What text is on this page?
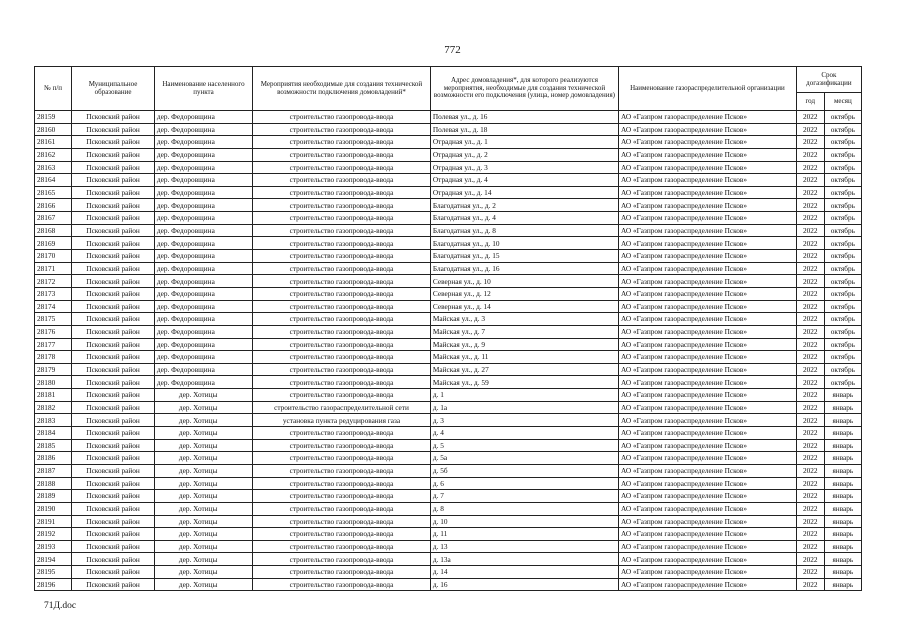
772
№ п/п	Муниципальное образование	Наименование населенного пункта	Мероприятия необходимые для создания технической возможности подключения домовладений*	Адрес домовладения*, для которого реализуются мероприятия, необходимые для создания технической возможности его подключения (улица, номер домовладения)	Наименование газораспределительной организации	Срок догазификации	
						год	месяц
28159	Псковский район	дер. Федоровщина	строительство газопровода-ввода	Полевая ул., д. 16	АО «Газпром газораспределение Псков»	2022	октябрь
28160	Псковский район	дер. Федоровщина	строительство газопровода-ввода	Полевая ул., д. 18	АО «Газпром газораспределение Псков»	2022	октябрь
28161	Псковский район	дер. Федоровщина	строительство газопровода-ввода	Отрадная ул., д. 1	АО «Газпром газораспределение Псков»	2022	октябрь
28162	Псковский район	дер. Федоровщина	строительство газопровода-ввода	Отрадная ул., д. 2	АО «Газпром газораспределение Псков»	2022	октябрь
28163	Псковский район	дер. Федоровщина	строительство газопровода-ввода	Отрадная ул., д. 3	АО «Газпром газораспределение Псков»	2022	октябрь
28164	Псковский район	дер. Федоровщина	строительство газопровода-ввода	Отрадная ул., д. 4	АО «Газпром газораспределение Псков»	2022	октябрь
28165	Псковский район	дер. Федоровщина	строительство газопровода-ввода	Отрадная ул., д. 14	АО «Газпром газораспределение Псков»	2022	октябрь
28166	Псковский район	дер. Федоровщина	строительство газопровода-ввода	Благодатная ул., д. 2	АО «Газпром газораспределение Псков»	2022	октябрь
28167	Псковский район	дер. Федоровщина	строительство газопровода-ввода	Благодатная ул., д. 4	АО «Газпром газораспределение Псков»	2022	октябрь
28168	Псковский район	дер. Федоровщина	строительство газопровода-ввода	Благодатная ул., д. 8	АО «Газпром газораспределение Псков»	2022	октябрь
28169	Псковский район	дер. Федоровщина	строительство газопровода-ввода	Благодатная ул., д. 10	АО «Газпром газораспределение Псков»	2022	октябрь
28170	Псковский район	дер. Федоровщина	строительство газопровода-ввода	Благодатная ул., д. 15	АО «Газпром газораспределение Псков»	2022	октябрь
28171	Псковский район	дер. Федоровщина	строительство газопровода-ввода	Благодатная ул., д. 16	АО «Газпром газораспределение Псков»	2022	октябрь
28172	Псковский район	дер. Федоровщина	строительство газопровода-ввода	Северная ул., д. 10	АО «Газпром газораспределение Псков»	2022	октябрь
28173	Псковский район	дер. Федоровщина	строительство газопровода-ввода	Северная ул., д. 12	АО «Газпром газораспределение Псков»	2022	октябрь
28174	Псковский район	дер. Федоровщина	строительство газопровода-ввода	Северная ул., д. 14	АО «Газпром газораспределение Псков»	2022	октябрь
28175	Псковский район	дер. Федоровщина	строительство газопровода-ввода	Майская ул., д. 3	АО «Газпром газораспределение Псков»	2022	октябрь
28176	Псковский район	дер. Федоровщина	строительство газопровода-ввода	Майская ул., д. 7	АО «Газпром газораспределение Псков»	2022	октябрь
28177	Псковский район	дер. Федоровщина	строительство газопровода-ввода	Майская ул., д. 9	АО «Газпром газораспределение Псков»	2022	октябрь
28178	Псковский район	дер. Федоровщина	строительство газопровода-ввода	Майская ул., д. 11	АО «Газпром газораспределение Псков»	2022	октябрь
28179	Псковский район	дер. Федоровщина	строительство газопровода-ввода	Майская ул., д. 27	АО «Газпром газораспределение Псков»	2022	октябрь
28180	Псковский район	дер. Федоровщина	строительство газопровода-ввода	Майская ул., д. 59	АО «Газпром газораспределение Псков»	2022	октябрь
28181	Псковский район	дер. Хотицы	строительство газопровода-ввода	д. 1	АО «Газпром газораспределение Псков»	2022	январь
28182	Псковский район	дер. Хотицы	строительство газораспределительной сети	д. 1а	АО «Газпром газораспределение Псков»	2022	январь
28183	Псковский район	дер. Хотицы	установка пункта редуцирования газа	д. 3	АО «Газпром газораспределение Псков»	2022	январь
28184	Псковский район	дер. Хотицы	строительство газопровода-ввода	д. 4	АО «Газпром газораспределение Псков»	2022	январь
28185	Псковский район	дер. Хотицы	строительство газопровода-ввода	д. 5	АО «Газпром газораспределение Псков»	2022	январь
28186	Псковский район	дер. Хотицы	строительство газопровода-ввода	д. 5а	АО «Газпром газораспределение Псков»	2022	январь
28187	Псковский район	дер. Хотицы	строительство газопровода-ввода	д. 5б	АО «Газпром газораспределение Псков»	2022	январь
28188	Псковский район	дер. Хотицы	строительство газопровода-ввода	д. 6	АО «Газпром газораспределение Псков»	2022	январь
28189	Псковский район	дер. Хотицы	строительство газопровода-ввода	д. 7	АО «Газпром газораспределение Псков»	2022	январь
28190	Псковский район	дер. Хотицы	строительство газопровода-ввода	д. 8	АО «Газпром газораспределение Псков»	2022	январь
28191	Псковский район	дер. Хотицы	строительство газопровода-ввода	д. 10	АО «Газпром газораспределение Псков»	2022	январь
28192	Псковский район	дер. Хотицы	строительство газопровода-ввода	д. 11	АО «Газпром газораспределение Псков»	2022	январь
28193	Псковский район	дер. Хотицы	строительство газопровода-ввода	д. 13	АО «Газпром газораспределение Псков»	2022	январь
28194	Псковский район	дер. Хотицы	строительство газопровода-ввода	д. 13а	АО «Газпром газораспределение Псков»	2022	январь
28195	Псковский район	дер. Хотицы	строительство газопровода-ввода	д. 14	АО «Газпром газораспределение Псков»	2022	январь
28196	Псковский район	дер. Хотицы	строительство газопровода-ввода	д. 16	АО «Газпром газораспределение Псков»	2022	январь
71Д.doc
